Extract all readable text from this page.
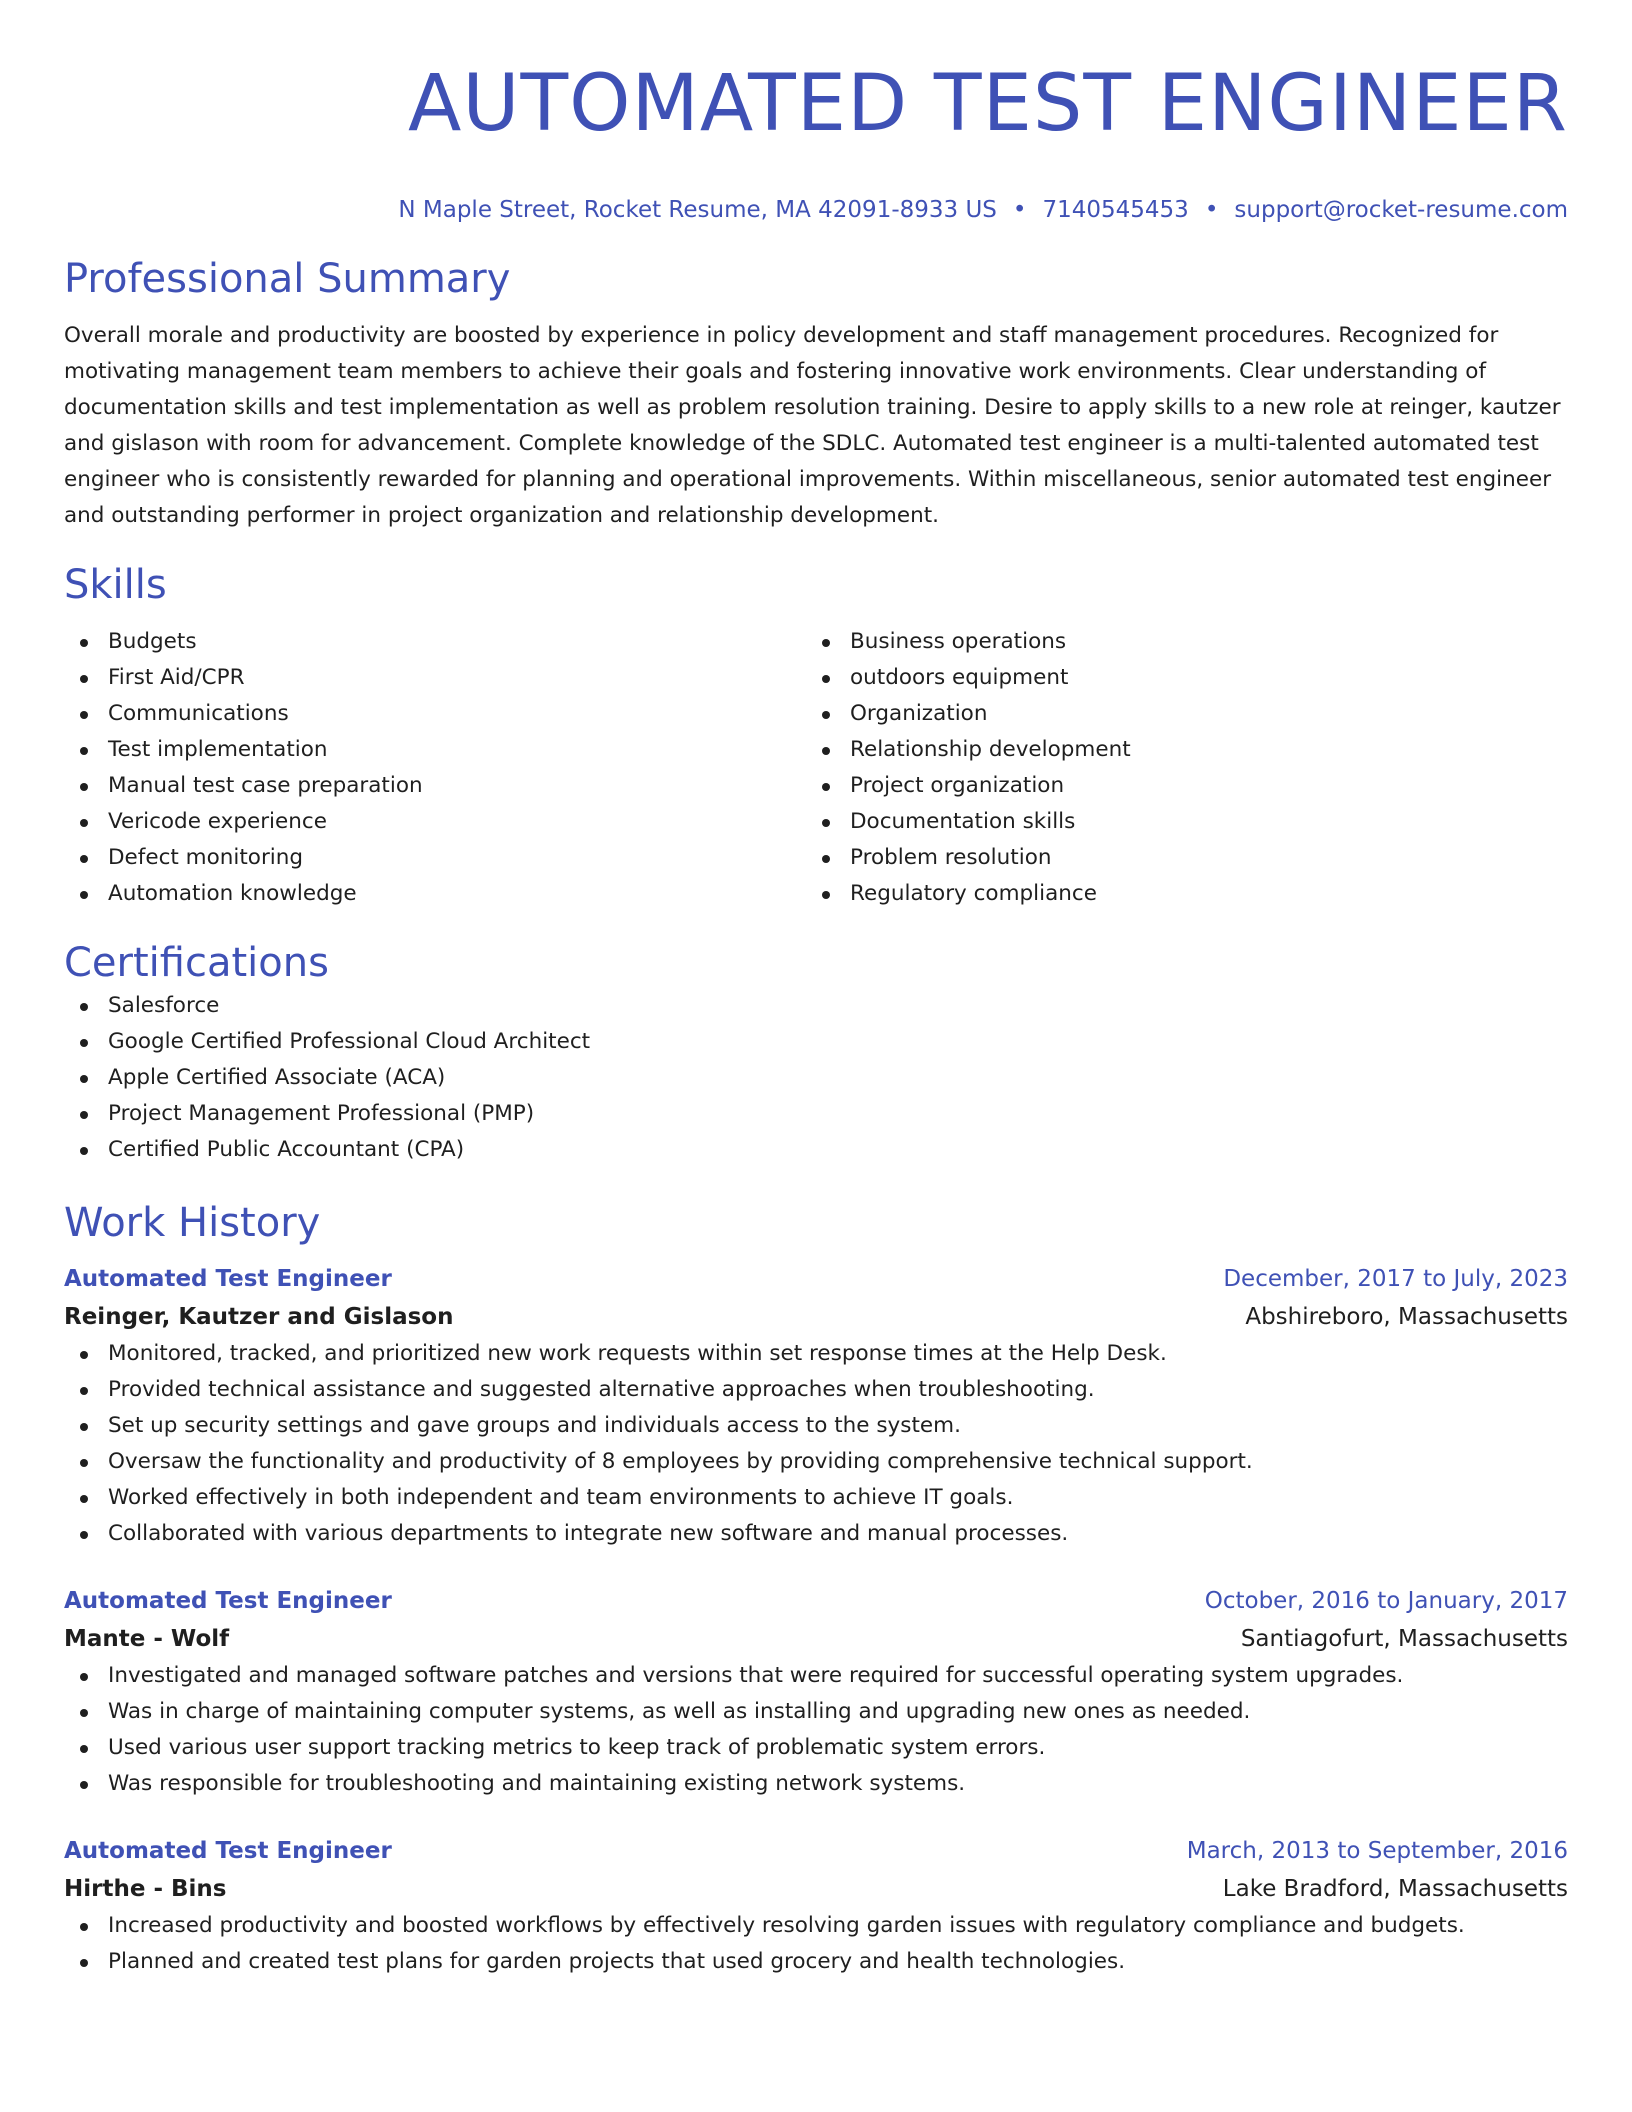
AUTOMATED TEST ENGINEER
N Maple Street, Rocket Resume, MA 42091-8933 US • 7140545453 • support@rocket-resume.com
Professional Summary
Overall morale and productivity are boosted by experience in policy development and staff management procedures. Recognized for motivating management team members to achieve their goals and fostering innovative work environments. Clear understanding of documentation skills and test implementation as well as problem resolution training. Desire to apply skills to a new role at reinger, kautzer and gislason with room for advancement. Complete knowledge of the SDLC. Automated test engineer is a multi-talented automated test engineer who is consistently rewarded for planning and operational improvements. Within miscellaneous, senior automated test engineer and outstanding performer in project organization and relationship development.
Skills
Budgets
First Aid/CPR
Communications
Test implementation
Manual test case preparation
Vericode experience
Defect monitoring
Automation knowledge
Business operations
outdoors equipment
Organization
Relationship development
Project organization
Documentation skills
Problem resolution
Regulatory compliance
Certifications
Salesforce
Google Certified Professional Cloud Architect
Apple Certified Associate (ACA)
Project Management Professional (PMP)
Certified Public Accountant (CPA)
Work History
Automated Test Engineer	December, 2017 to July, 2023
Reinger, Kautzer and Gislason	Abshireboro, Massachusetts
Monitored, tracked, and prioritized new work requests within set response times at the Help Desk.
Provided technical assistance and suggested alternative approaches when troubleshooting.
Set up security settings and gave groups and individuals access to the system.
Oversaw the functionality and productivity of 8 employees by providing comprehensive technical support.
Worked effectively in both independent and team environments to achieve IT goals.
Collaborated with various departments to integrate new software and manual processes.
Automated Test Engineer	October, 2016 to January, 2017
Mante - Wolf	Santiagofurt, Massachusetts
Investigated and managed software patches and versions that were required for successful operating system upgrades.
Was in charge of maintaining computer systems, as well as installing and upgrading new ones as needed.
Used various user support tracking metrics to keep track of problematic system errors.
Was responsible for troubleshooting and maintaining existing network systems.
Automated Test Engineer	March, 2013 to September, 2016
Hirthe - Bins	Lake Bradford, Massachusetts
Increased productivity and boosted workflows by effectively resolving garden issues with regulatory compliance and budgets.
Planned and created test plans for garden projects that used grocery and health technologies.
